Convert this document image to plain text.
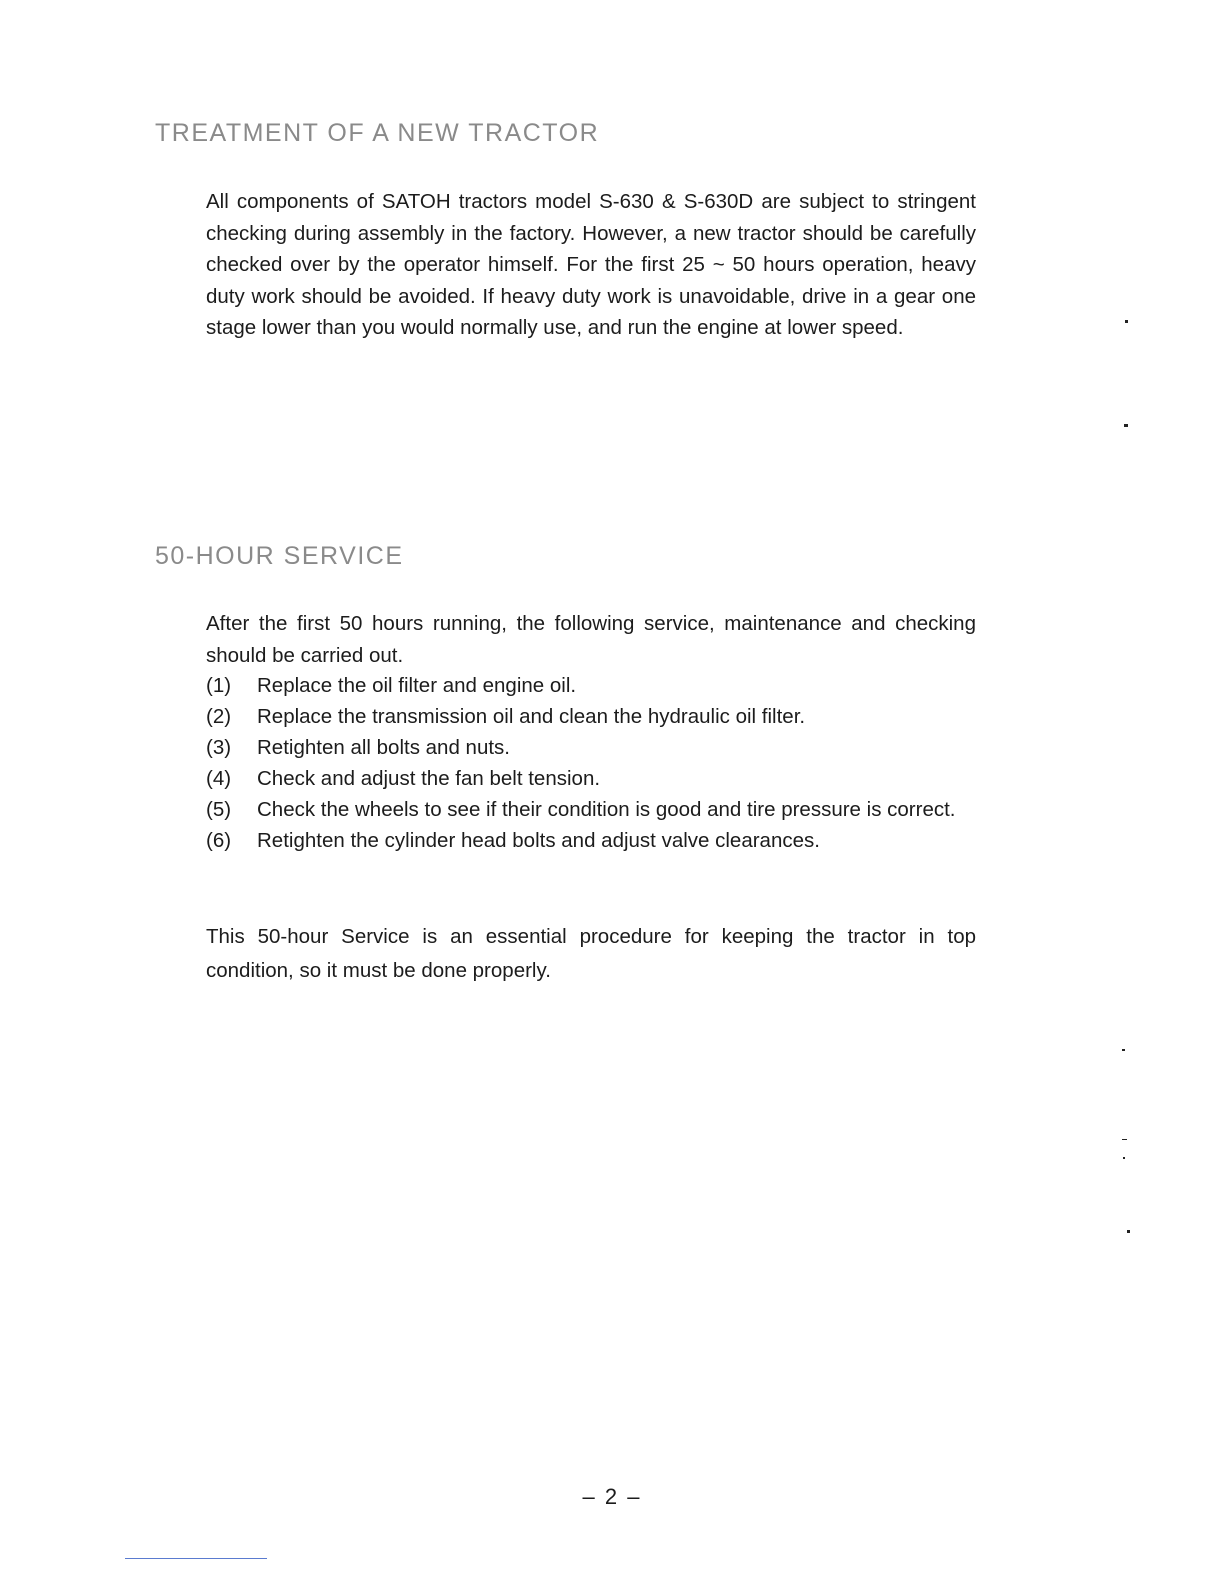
TREATMENT OF A NEW TRACTOR

All components of SATOH tractors model S-630 & S-630D are subject to stringent checking during assembly in the factory. However, a new tractor should be carefully checked over by the operator himself. For the first 25 ~ 50 hours operation, heavy duty work should be avoided. If heavy duty work is unavoidable, drive in a gear one stage lower than you would normally use, and run the engine at lower speed.

50-HOUR SERVICE

After the first 50 hours running, the following service, maintenance and checking should be carried out.

(1)	Replace the oil filter and engine oil.
(2)	Replace the transmission oil and clean the hydraulic oil filter.
(3)	Retighten all bolts and nuts.
(4)	Check and adjust the fan belt tension.
(5)	Check the wheels to see if their condition is good and tire pressure is correct.
(6)	Retighten the cylinder head bolts and adjust valve clearances.

This 50-hour Service is an essential procedure for keeping the tractor in top condition, so it must be done properly.

– 2 –
